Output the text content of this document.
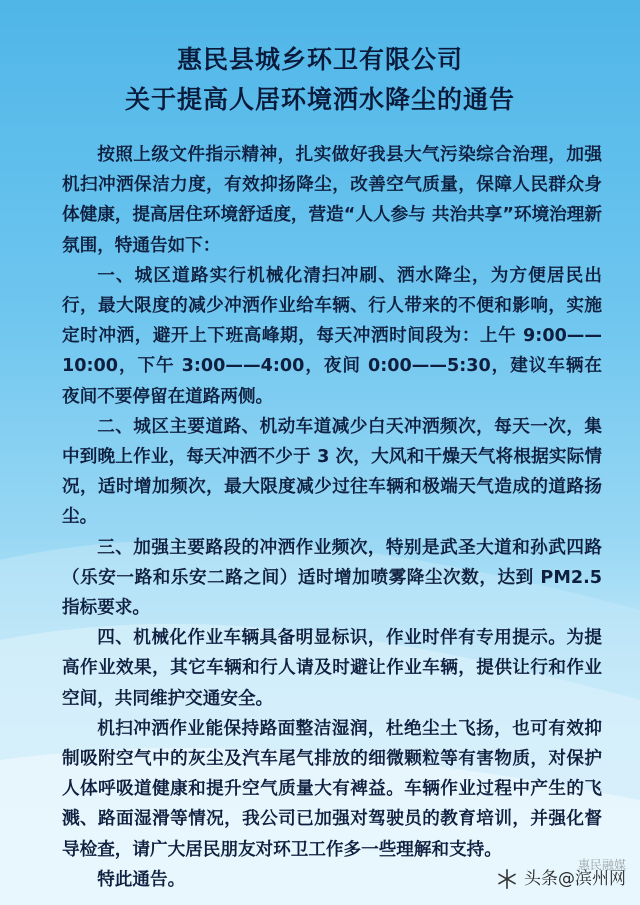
惠民县城乡环卫有限公司
关于提高人居环境洒水降尘的通告

按照上级文件指示精神，扎实做好我县大气污染综合治理，加强机扫冲洒保洁力度，有效抑扬降尘，改善空气质量，保障人民群众身体健康，提高居住环境舒适度，营造“人人参与 共治共享”环境治理新氛围，特通告如下：

一、城区道路实行机械化清扫冲刷、洒水降尘，为方便居民出行，最大限度的减少冲洒作业给车辆、行人带来的不便和影响，实施定时冲洒，避开上下班高峰期，每天冲洒时间段为：上午 9:00——10:00，下午 3:00——4:00，夜间 0:00——5:30，建议车辆在夜间不要停留在道路两侧。

二、城区主要道路、机动车道减少白天冲洒频次，每天一次，集中到晚上作业，每天冲洒不少于 3 次，大风和干燥天气将根据实际情况，适时增加频次，最大限度减少过往车辆和极端天气造成的道路扬尘。

三、加强主要路段的冲洒作业频次，特别是武圣大道和孙武四路（乐安一路和乐安二路之间）适时增加喷雾降尘次数，达到 PM2.5 指标要求。

四、机械化作业车辆具备明显标识，作业时伴有专用提示。为提高作业效果，其它车辆和行人请及时避让作业车辆，提供让行和作业空间，共同维护交通安全。

机扫冲洒作业能保持路面整洁湿润，杜绝尘土飞扬，也可有效抑制吸附空气中的灰尘及汽车尾气排放的细微颗粒等有害物质，对保护人体呼吸道健康和提升空气质量大有裨益。车辆作业过程中产生的飞溅、路面湿滑等情况，我公司已加强对驾驶员的教育培训，并强化督导检查，请广大居民朋友对环卫工作多一些理解和支持。

特此通告。

惠民融媒
头条@滨州网
